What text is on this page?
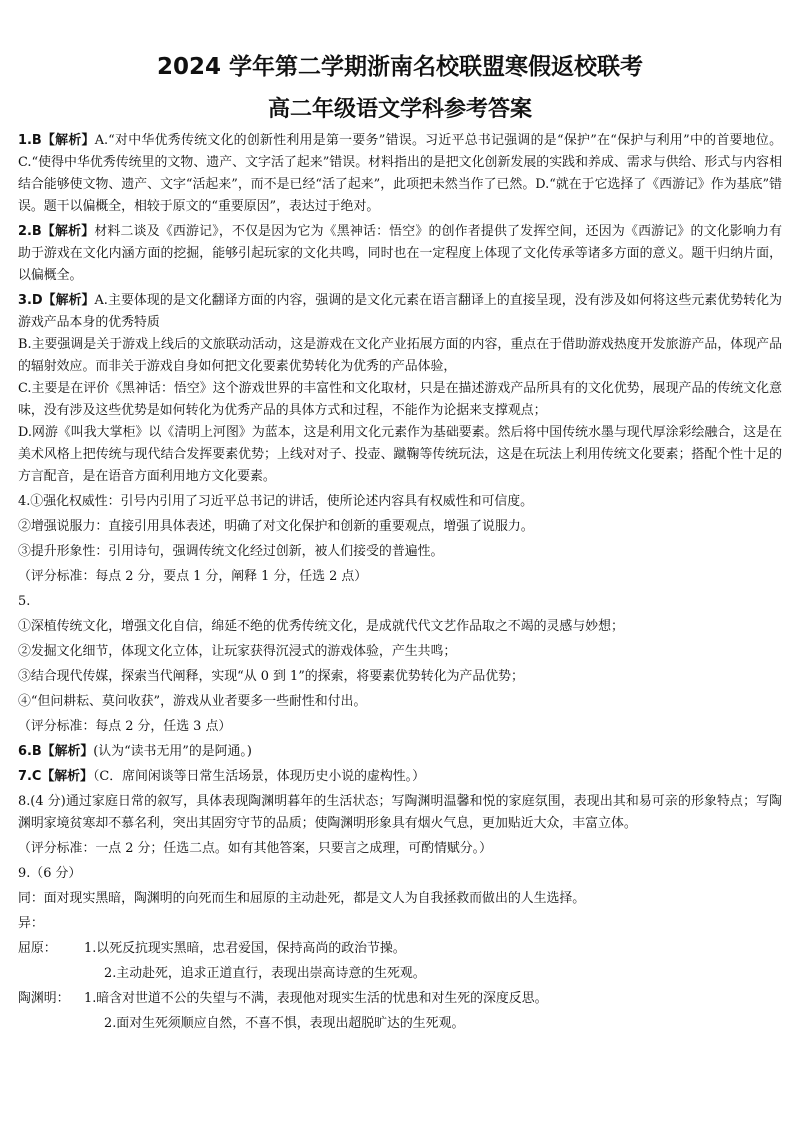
2024 学年第二学期浙南名校联盟寒假返校联考
高二年级语文学科参考答案

1.B【解析】A.“对中华优秀传统文化的创新性利用是第一要务”错误。习近平总书记强调的是“保护”在“保护与利用”中的首要地位。C.“使得中华优秀传统里的文物、遗产、文字活了起来”错误。材料指出的是把文化创新发展的实践和养成、需求与供给、形式与内容相结合能够使文物、遗产、文字“活起来”，而不是已经“活了起来”，此项把未然当作了已然。D.“就在于它选择了《西游记》作为基底”错误。题干以偏概全，相较于原文的“重要原因”，表达过于绝对。

2.B【解析】材料二谈及《西游记》，不仅是因为它为《黑神话：悟空》的创作者提供了发挥空间，还因为《西游记》的文化影响力有助于游戏在文化内涵方面的挖掘，能够引起玩家的文化共鸣，同时也在一定程度上体现了文化传承等诸多方面的意义。题干归纳片面，以偏概全。

3.D【解析】A.主要体现的是文化翻译方面的内容，强调的是文化元素在语言翻译上的直接呈现，没有涉及如何将这些元素优势转化为游戏产品本身的优秀特质

B.主要强调是关于游戏上线后的文旅联动活动，这是游戏在文化产业拓展方面的内容，重点在于借助游戏热度开发旅游产品，体现产品的辐射效应。而非关于游戏自身如何把文化要素优势转化为优秀的产品体验，

C.主要是在评价《黑神话：悟空》这个游戏世界的丰富性和文化取材，只是在描述游戏产品所具有的文化优势，展现产品的传统文化意味，没有涉及这些优势是如何转化为优秀产品的具体方式和过程，不能作为论据来支撑观点；

D.网游《叫我大掌柜》以《清明上河图》为蓝本，这是利用文化元素作为基础要素。然后将中国传统水墨与现代厚涂彩绘融合，这是在美术风格上把传统与现代结合发挥要素优势；上线对对子、投壶、蹴鞠等传统玩法，这是在玩法上利用传统文化要素；搭配个性十足的方言配音，是在语音方面利用地方文化要素。

4.①强化权威性：引号内引用了习近平总书记的讲话，使所论述内容具有权威性和可信度。

②增强说服力：直接引用具体表述，明确了对文化保护和创新的重要观点，增强了说服力。

③提升形象性：引用诗句，强调传统文化经过创新，被人们接受的普遍性。

（评分标准：每点 2 分，要点 1 分，阐释 1 分，任选 2 点）

5.

①深植传统文化，增强文化自信，绵延不绝的优秀传统文化，是成就代代文艺作品取之不竭的灵感与妙想；

②发掘文化细节，体现文化立体，让玩家获得沉浸式的游戏体验，产生共鸣；

③结合现代传媒，探索当代阐释，实现“从 0 到 1”的探索，将要素优势转化为产品优势；

④“但问耕耘、莫问收获”，游戏从业者要多一些耐性和付出。

（评分标准：每点 2 分，任选 3 点）

6.B【解析】(认为“读书无用”的是阿通。)

7.C【解析】（C．席间闲谈等日常生活场景，体现历史小说的虚构性。）

8.(4 分)通过家庭日常的叙写，具体表现陶渊明暮年的生活状态；写陶渊明温馨和悦的家庭氛围，表现出其和易可亲的形象特点；写陶渊明家境贫寒却不慕名利，突出其固穷守节的品质；使陶渊明形象具有烟火气息，更加贴近大众，丰富立体。

（评分标准：一点 2 分；任选二点。如有其他答案，只要言之成理，可酌情赋分。）

9.（6 分）

同：面对现实黑暗，陶渊明的向死而生和屈原的主动赴死，都是文人为自我拯救而做出的人生选择。

异：

屈原：	1.以死反抗现实黑暗，忠君爱国，保持高尚的政治节操。

2.主动赴死，追求正道直行，表现出崇高诗意的生死观。

陶渊明：	1.暗含对世道不公的失望与不满，表现他对现实生活的忧患和对生死的深度反思。

2.面对生死须顺应自然，不喜不惧，表现出超脱旷达的生死观。
